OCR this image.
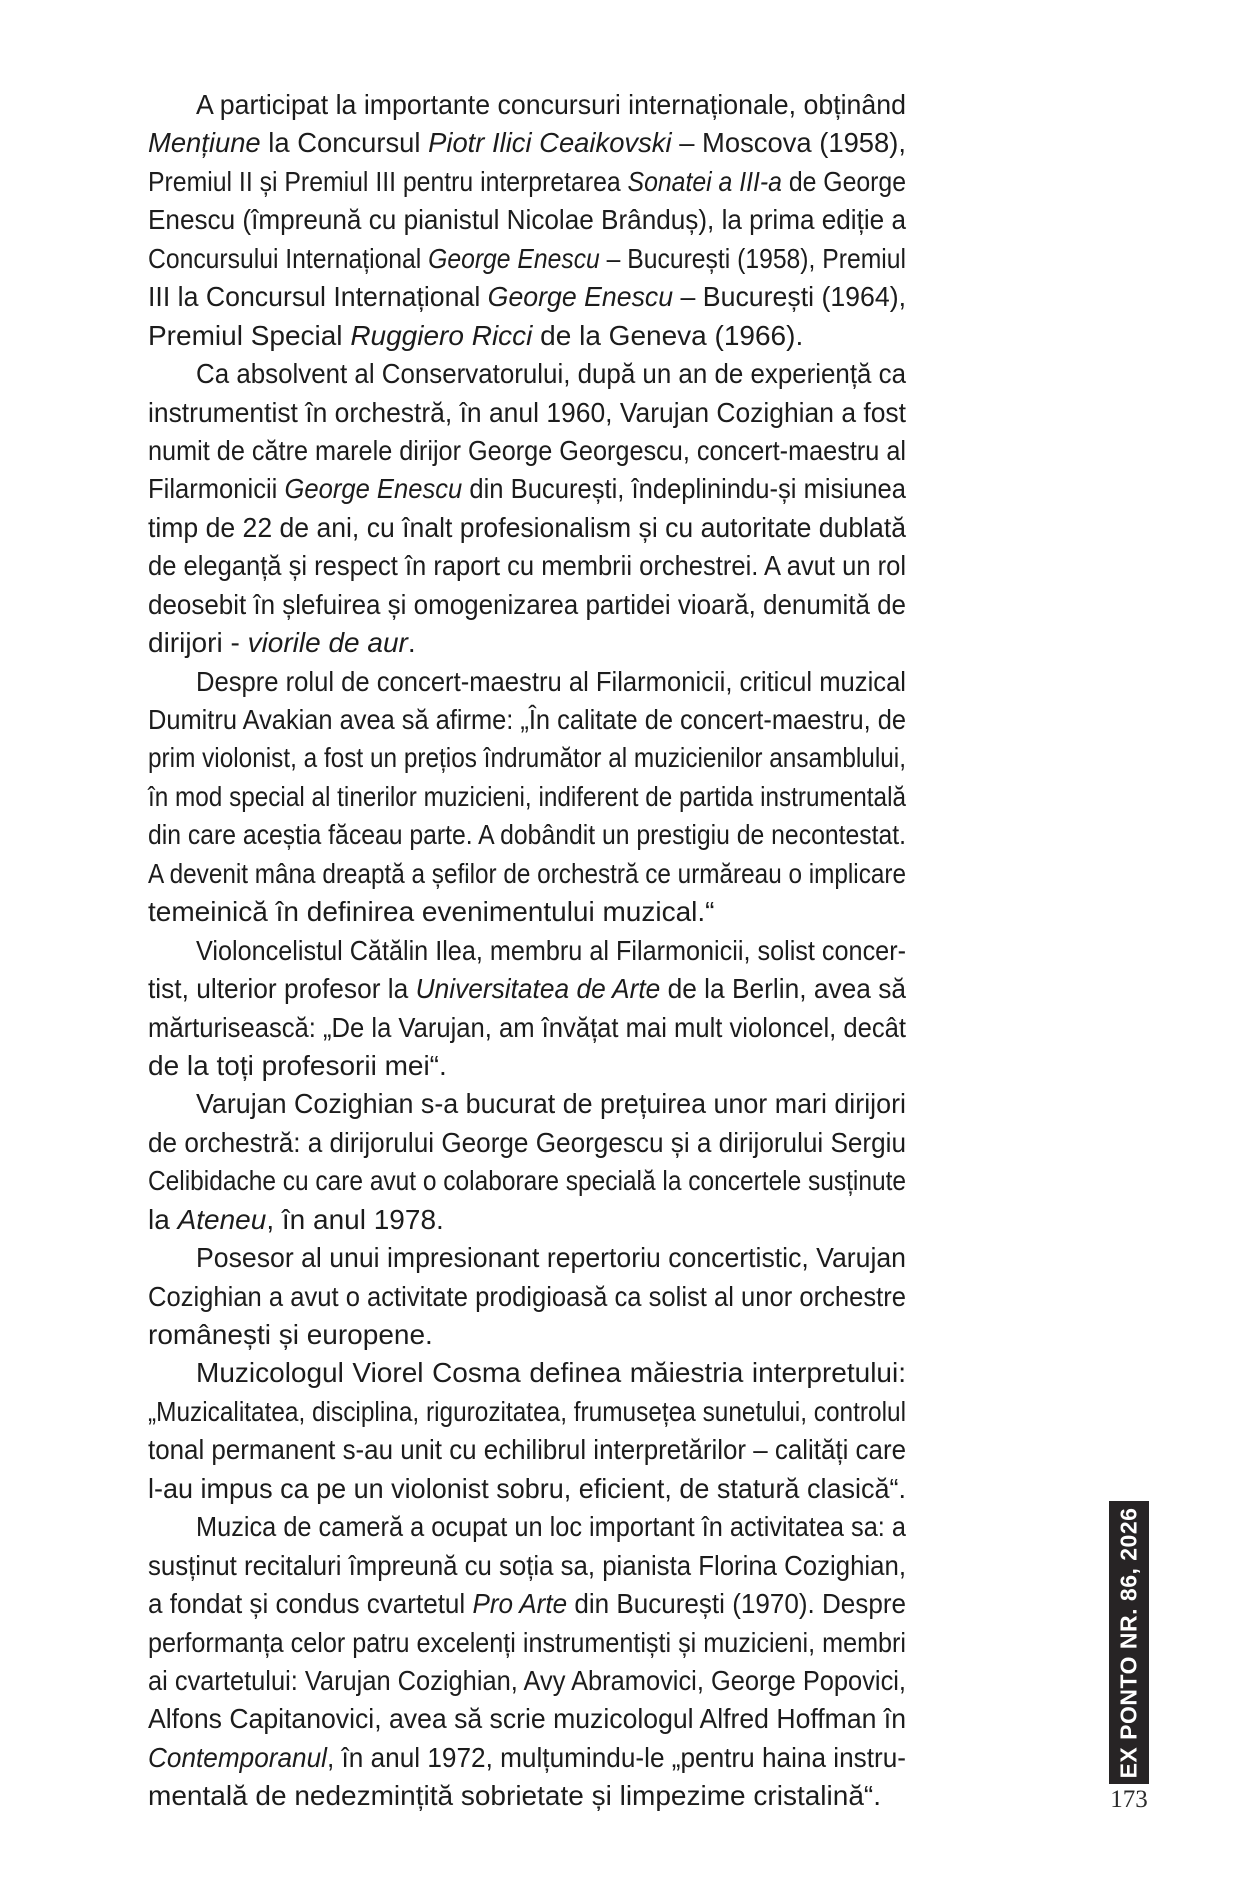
A participat la importante concursuri internaționale, obținând
Mențiune la Concursul Piotr Ilici Ceaikovski – Moscova (1958),
Premiul II și Premiul III pentru interpretarea Sonatei a III-a de George
Enescu (împreună cu pianistul Nicolae Brânduș), la prima ediție a
Concursului Internațional George Enescu – București (1958), Premiul
III la Concursul Internațional George Enescu – București (1964),
Premiul Special Ruggiero Ricci de la Geneva (1966).
Ca absolvent al Conservatorului, după un an de experiență ca
instrumentist în orchestră, în anul 1960, Varujan Cozighian a fost
numit de către marele dirijor George Georgescu, concert-maestru al
Filarmonicii George Enescu din București, îndeplinindu-și misiunea
timp de 22 de ani, cu înalt profesionalism și cu autoritate dublată
de eleganță și respect în raport cu membrii orchestrei. A avut un rol
deosebit în șlefuirea și omogenizarea partidei vioară, denumită de
dirijori - viorile de aur.
Despre rolul de concert-maestru al Filarmonicii, criticul muzical
Dumitru Avakian avea să afirme: „În calitate de concert-maestru, de
prim violonist, a fost un prețios îndrumător al muzicienilor ansamblului,
în mod special al tinerilor muzicieni, indiferent de partida instrumentală
din care aceștia făceau parte. A dobândit un prestigiu de necontestat.
A devenit mâna dreaptă a șefilor de orchestră ce urmăreau o implicare
temeinică în definirea evenimentului muzical.“
Violoncelistul Cătălin Ilea, membru al Filarmonicii, solist concer-
tist, ulterior profesor la Universitatea de Arte de la Berlin, avea să
mărturisească: „De la Varujan, am învățat mai mult violoncel, decât
de la toți profesorii mei“.
Varujan Cozighian s-a bucurat de prețuirea unor mari dirijori
de orchestră: a dirijorului George Georgescu și a dirijorului Sergiu
Celibidache cu care avut o colaborare specială la concertele susținute
la Ateneu, în anul 1978.
Posesor al unui impresionant repertoriu concertistic, Varujan
Cozighian a avut o activitate prodigioasă ca solist al unor orchestre
românești și europene.
Muzicologul Viorel Cosma definea măiestria interpretului:
„Muzicalitatea, disciplina, rigurozitatea, frumusețea sunetului, controlul
tonal permanent s-au unit cu echilibrul interpretărilor – calități care
l-au impus ca pe un violonist sobru, eficient, de statură clasică“.
Muzica de cameră a ocupat un loc important în activitatea sa: a
susținut recitaluri împreună cu soția sa, pianista Florina Cozighian,
a fondat și condus cvartetul Pro Arte din București (1970). Despre
performanța celor patru excelenți instrumentiști și muzicieni, membri
ai cvartetului: Varujan Cozighian, Avy Abramovici, George Popovici,
Alfons Capitanovici, avea să scrie muzicologul Alfred Hoffman în
Contemporanul, în anul 1972, mulțumindu-le „pentru haina instru-
mentală de nedezmințită sobrietate și limpezime cristalină“.
EX PONTO NR. 86, 2026
173
